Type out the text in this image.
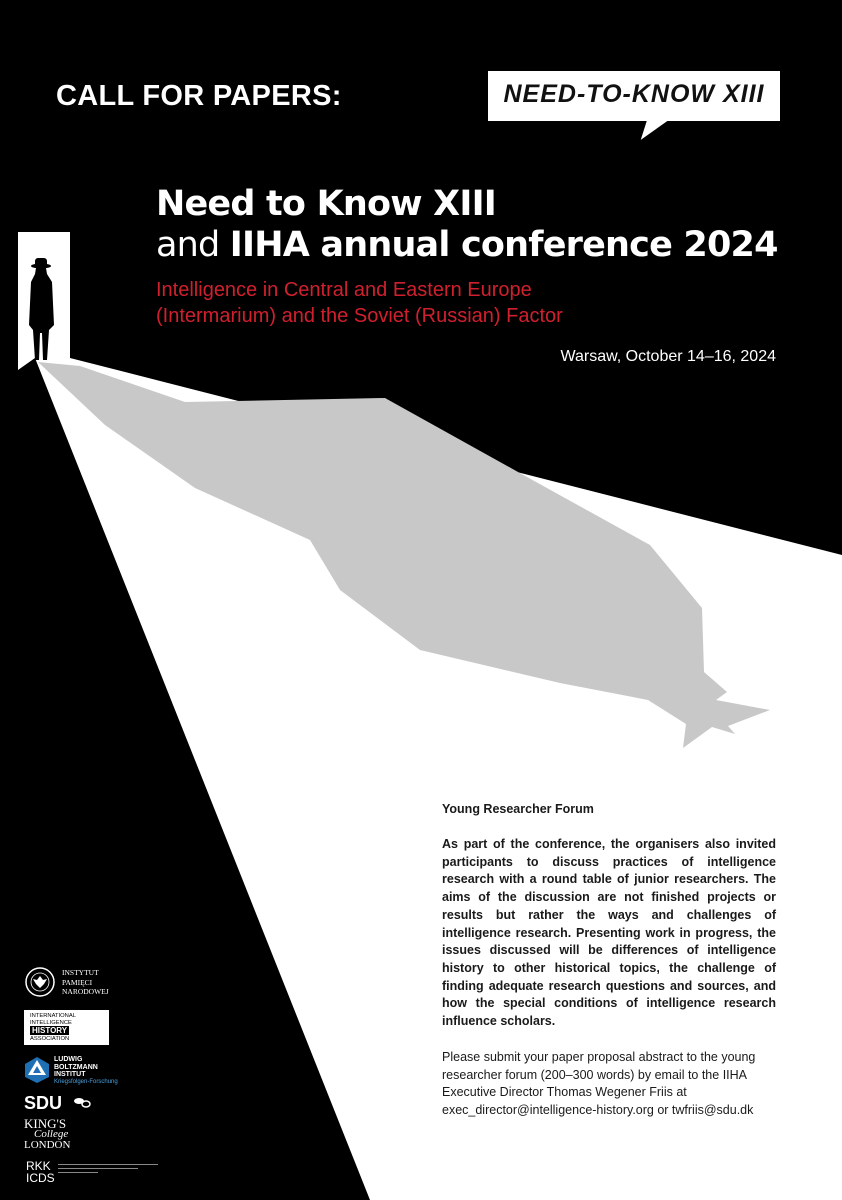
CALL FOR PAPERS:	NEED-TO-KNOW XIII
Need to Know XIII
and IIHA annual conference 2024
Intelligence in Central and Eastern Europe
(Intermarium) and the Soviet (Russian) Factor
Warsaw, October 14–16, 2024
Young Researcher Forum
As part of the conference, the organisers also invited participants to discuss practices of intelligence research with a round table of junior researchers. The aims of the discussion are not finished projects or results but rather the ways and challenges of intelligence research. Presenting work in progress, the issues discussed will be differences of intelligence history to other historical topics, the challenge of finding adequate research questions and sources, and how the special conditions of intelligence research influence scholars.
Please submit your paper proposal abstract to the young researcher forum (200–300 words) by email to the IIHA Executive Director Thomas Wegener Friis at exec_director@intelligence-history.org or twfriis@sdu.dk
INSTYTUT
PAMIĘCI
NARODOWEJ
INTERNATIONAL
INTELLIGENCE
HISTORY
ASSOCIATION
LUDWIG
BOLTZMANN
INSTITUT
Kriegsfolgen-Forschung
SDU
KING'S
College
LONDON
RKK
ICDS
